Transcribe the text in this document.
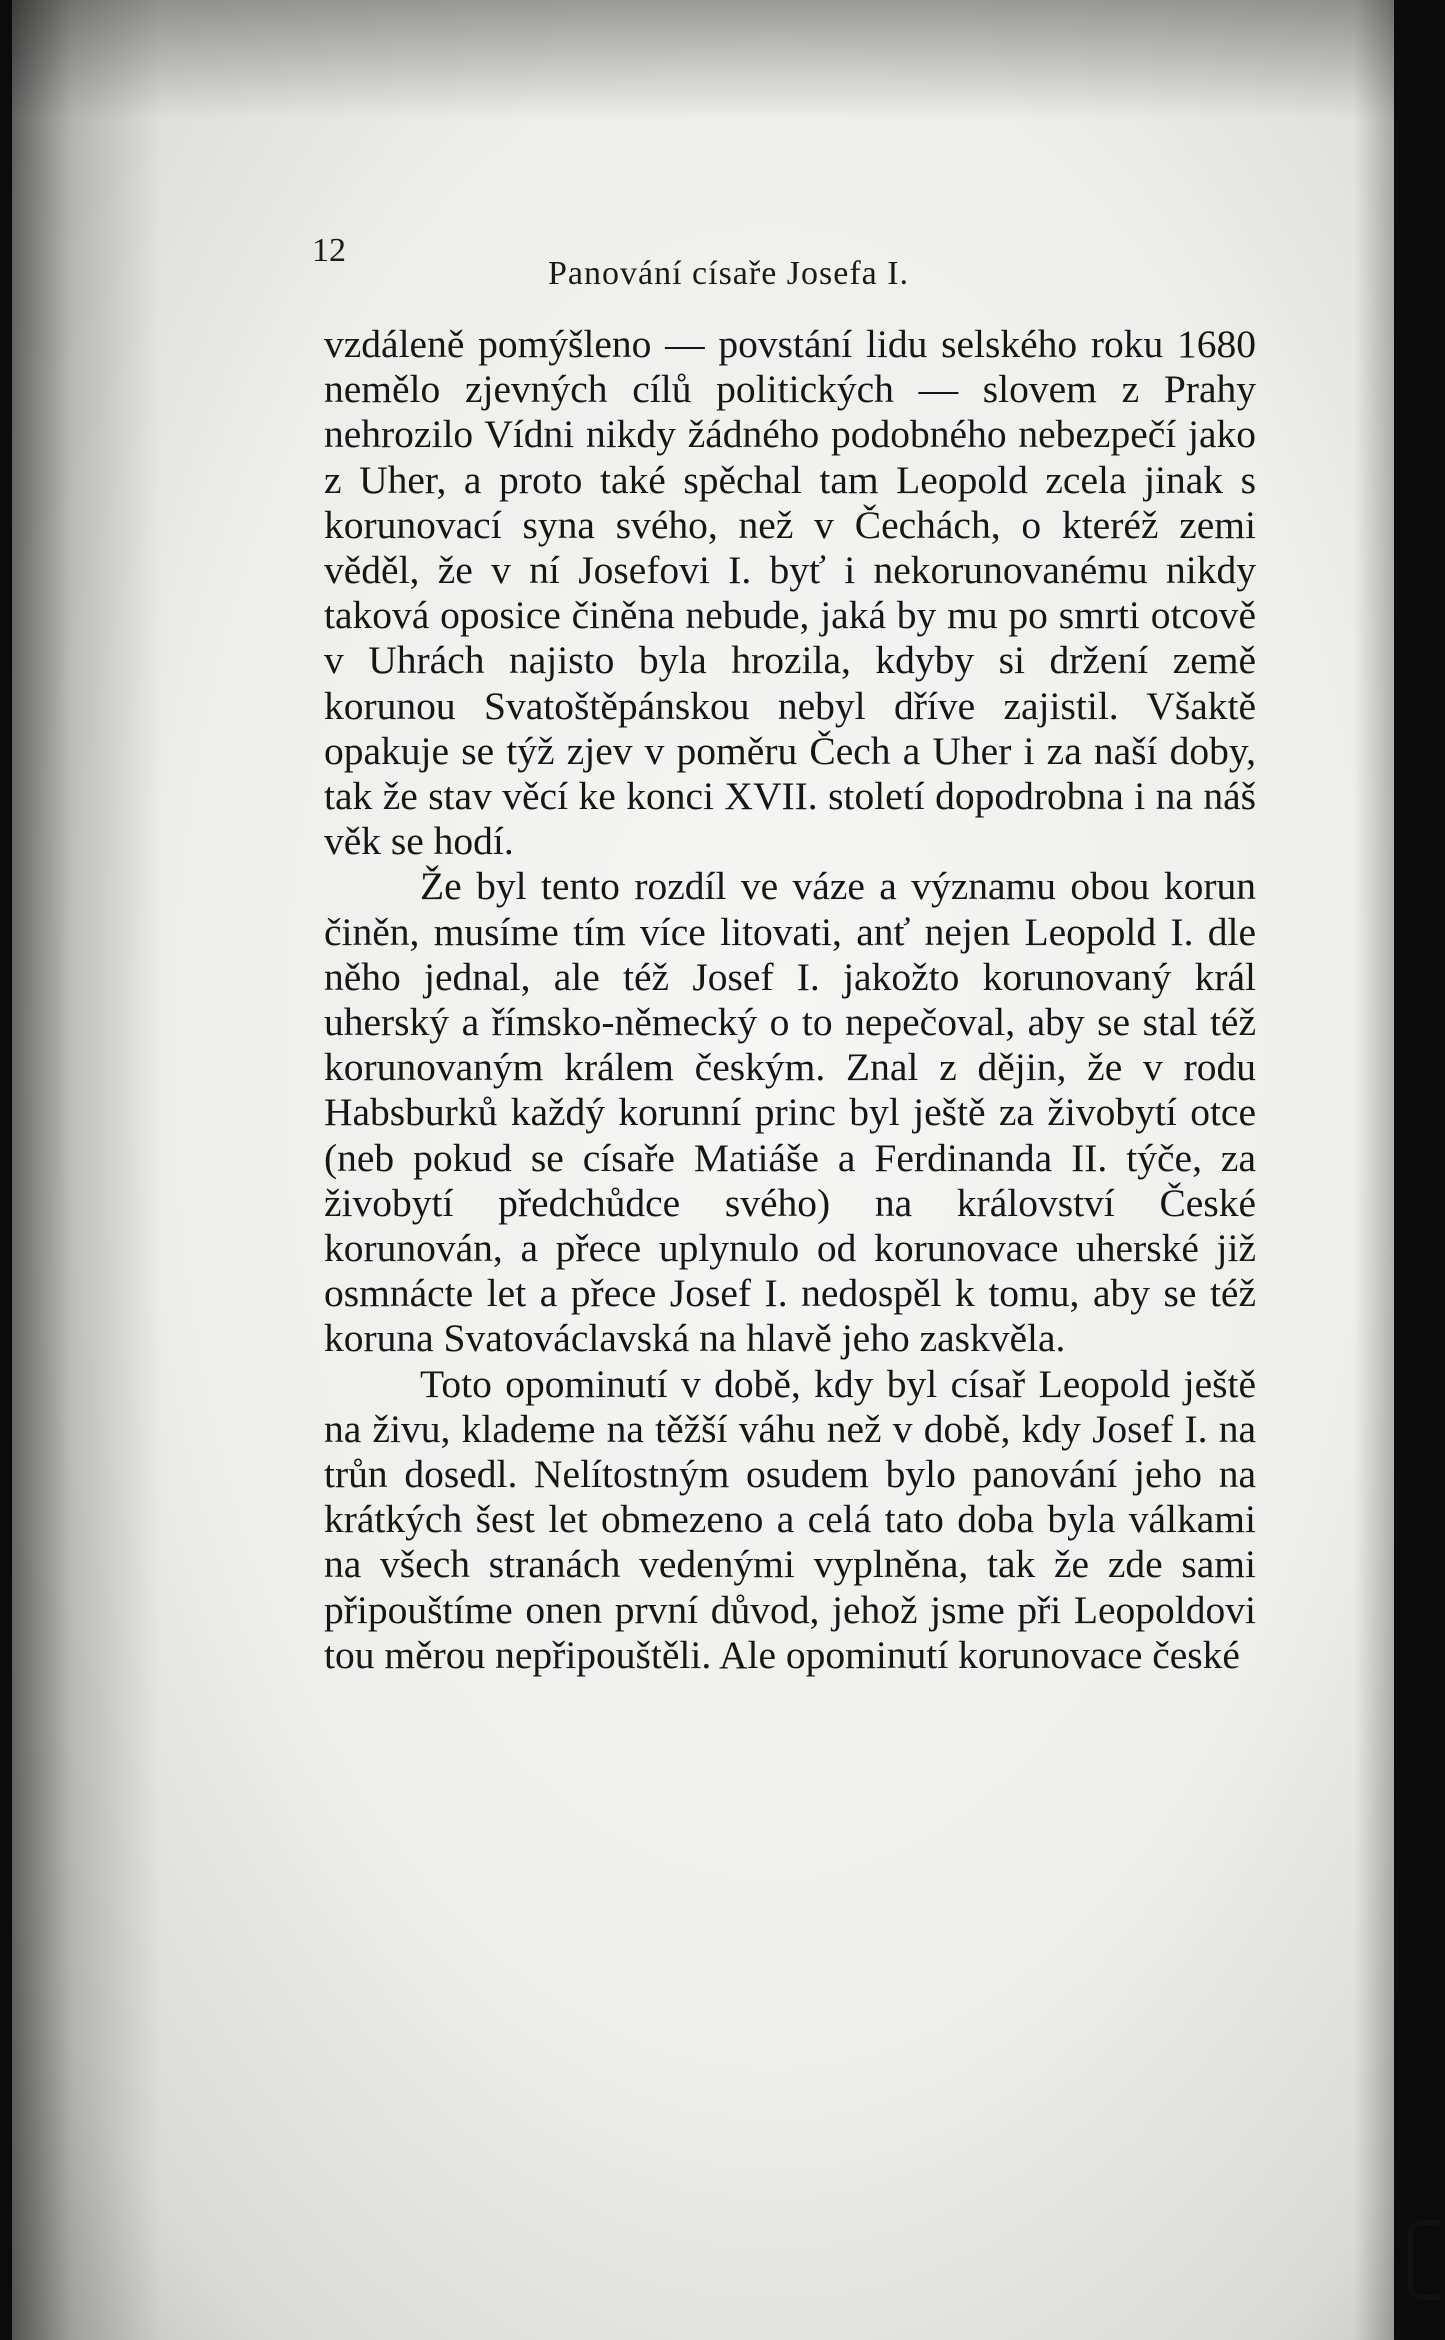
12
Panování císaře Josefa I.

vzdáleně pomýšleno — povstání lidu selského roku 1680 nemělo zjevných cílů politických — slovem z Prahy nehrozilo Vídni nikdy žádného podobného nebezpečí jako z Uher, a proto také spěchal tam Leopold zcela jinak s korunovací syna svého, než v Čechách, o kteréž zemi věděl, že v ní Josefovi I. byť i nekorunovanému nikdy taková oposice činěna nebude, jaká by mu po smrti otcově v Uhrách najisto byla hrozila, kdyby si držení země korunou Svatoštěpánskou nebyl dříve zajistil. Všaktě opakuje se týž zjev v poměru Čech a Uher i za naší doby, tak že stav věcí ke konci XVII. století dopodrobna i na náš věk se hodí.

Že byl tento rozdíl ve váze a významu obou korun činěn, musíme tím více litovati, anť nejen Leopold I. dle něho jednal, ale též Josef I. jakožto korunovaný král uherský a římsko-německý o to nepečoval, aby se stal též korunovaným králem českým. Znal z dějin, že v rodu Habsburků každý korunní princ byl ještě za živobytí otce (neb pokud se císaře Matiáše a Ferdinanda II. týče, za živobytí předchůdce svého) na království České korunován, a přece uplynulo od korunovace uherské již osmnácte let a přece Josef I. nedospěl k tomu, aby se též koruna Svatováclavská na hlavě jeho zaskvěla.

Toto opominutí v době, kdy byl císař Leopold ještě na živu, klademe na těžší váhu než v době, kdy Josef I. na trůn dosedl. Nelítostným osudem bylo panování jeho na krátkých šest let obmezeno a celá tato doba byla válkami na všech stranách vedenými vyplněna, tak že zde sami připouštíme onen první důvod, jehož jsme při Leopoldovi tou měrou nepřipouštěli. Ale opominutí korunovace české
